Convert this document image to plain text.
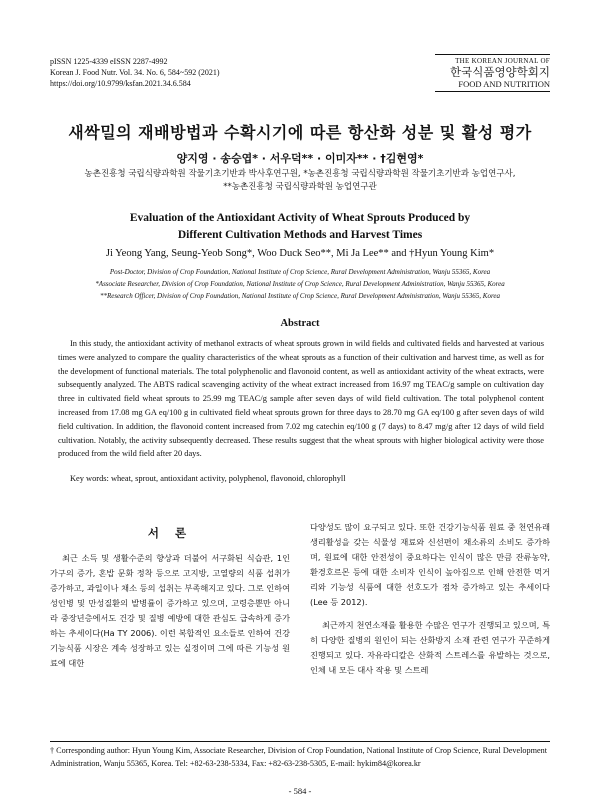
pISSN 1225-4339 eISSN 2287-4992
Korean J. Food Nutr. Vol. 34. No. 6, 584~592 (2021)
https://doi.org/10.9799/ksfan.2021.34.6.584
THE KOREAN JOURNAL OF
한국식품영양학회지
FOOD AND NUTRITION
새싹밀의 재배방법과 수확시기에 따른 항산화 성분 및 활성 평가
양지영 · 송승엽* · 서우덕** · 이미자** · †김현영*
농촌진흥청 국립식량과학원 작물기초기반과 박사후연구원, *농촌진흥청 국립식량과학원 작물기초기반과 농업연구사,
**농촌진흥청 국립식량과학원 농업연구관
Evaluation of the Antioxidant Activity of Wheat Sprouts Produced by
Different Cultivation Methods and Harvest Times
Ji Yeong Yang, Seung-Yeob Song*, Woo Duck Seo**, Mi Ja Lee** and †Hyun Young Kim*
Post-Doctor, Division of Crop Foundation, National Institute of Crop Science, Rural Development Administration, Wanju 55365, Korea
*Associate Researcher, Division of Crop Foundation, National Institute of Crop Science, Rural Development Administration, Wanju 55365, Korea
**Research Officer, Division of Crop Foundation, National Institute of Crop Science, Rural Development Administration, Wanju 55365, Korea
Abstract
In this study, the antioxidant activity of methanol extracts of wheat sprouts grown in wild fields and cultivated fields and harvested at various times were analyzed to compare the quality characteristics of the wheat sprouts as a function of their cultivation and harvest time, as well as for the development of functional materials. The total polyphenolic and flavonoid content, as well as antioxidant activity of the wheat extracts, were subsequently analyzed. The ABTS radical scavenging activity of the wheat extract increased from 16.97 mg TEAC/g sample on cultivation day three in cultivated field wheat sprouts to 25.99 mg TEAC/g sample after seven days of wild field cultivation. The total polyphenol content increased from 17.08 mg GA eq/100 g in cultivated field wheat sprouts grown for three days to 28.70 mg GA eq/100 g after seven days of wild field cultivation. In addition, the flavonoid content increased from 7.02 mg catechin eq/100 g (7 days) to 8.47 mg/g after 12 days of wild field cultivation. Notably, the activity subsequently decreased. These results suggest that the wheat sprouts with higher biological activity were those produced from the wild field after 20 days.
Key words: wheat, sprout, antioxidant activity, polyphenol, flavonoid, chlorophyll
서 론

최근 소득 및 생활수준의 향상과 더불어 서구화된 식습관, 1인 가구의 증가, 혼밥 문화 정착 등으로 고지방, 고열량의 식품 섭취가 증가하고, 과일이나 채소 등의 섭취는 부족해지고 있다. 그로 인하여 성인병 및 만성질환의 발병률이 증가하고 있으며, 고령층뿐만 아니라 중장년층에서도 건강 및 질병 예방에 대한 관심도 급속하게 증가하는 추세이다(Ha TY 2006). 이런 복합적인 요소들로 인하여 건강기능식품 시장은 계속 성장하고 있는 실정이며 그에 따른 기능성 원료에 대한

다양성도 많이 요구되고 있다. 또한 건강기능식품 원료 중 천연유래 생리활성을 갖는 식물성 재료와 신선편이 채소류의 소비도 증가하며, 원료에 대한 안전성이 중요하다는 인식이 많은 만큼 잔류농약, 환경호르몬 등에 대한 소비자 인식이 높아짐으로 인해 안전한 먹거리와 기능성 식품에 대한 선호도가 점차 증가하고 있는 추세이다(Lee 등 2012).

최근까지 천연소재를 활용한 수많은 연구가 진행되고 있으며, 특히 다양한 질병의 원인이 되는 산화방지 소재 관련 연구가 꾸준하게 진행되고 있다. 자유라디칼은 산화적 스트레스를 유발하는 것으로, 인체 내 모든 대사 작용 및 스트레

† Corresponding author: Hyun Young Kim, Associate Researcher, Division of Crop Foundation, National Institute of Crop Science, Rural Development Administration, Wanju 55365, Korea. Tel: +82-63-238-5334, Fax: +82-63-238-5305, E-mail: hykim84@korea.kr
- 584 -
